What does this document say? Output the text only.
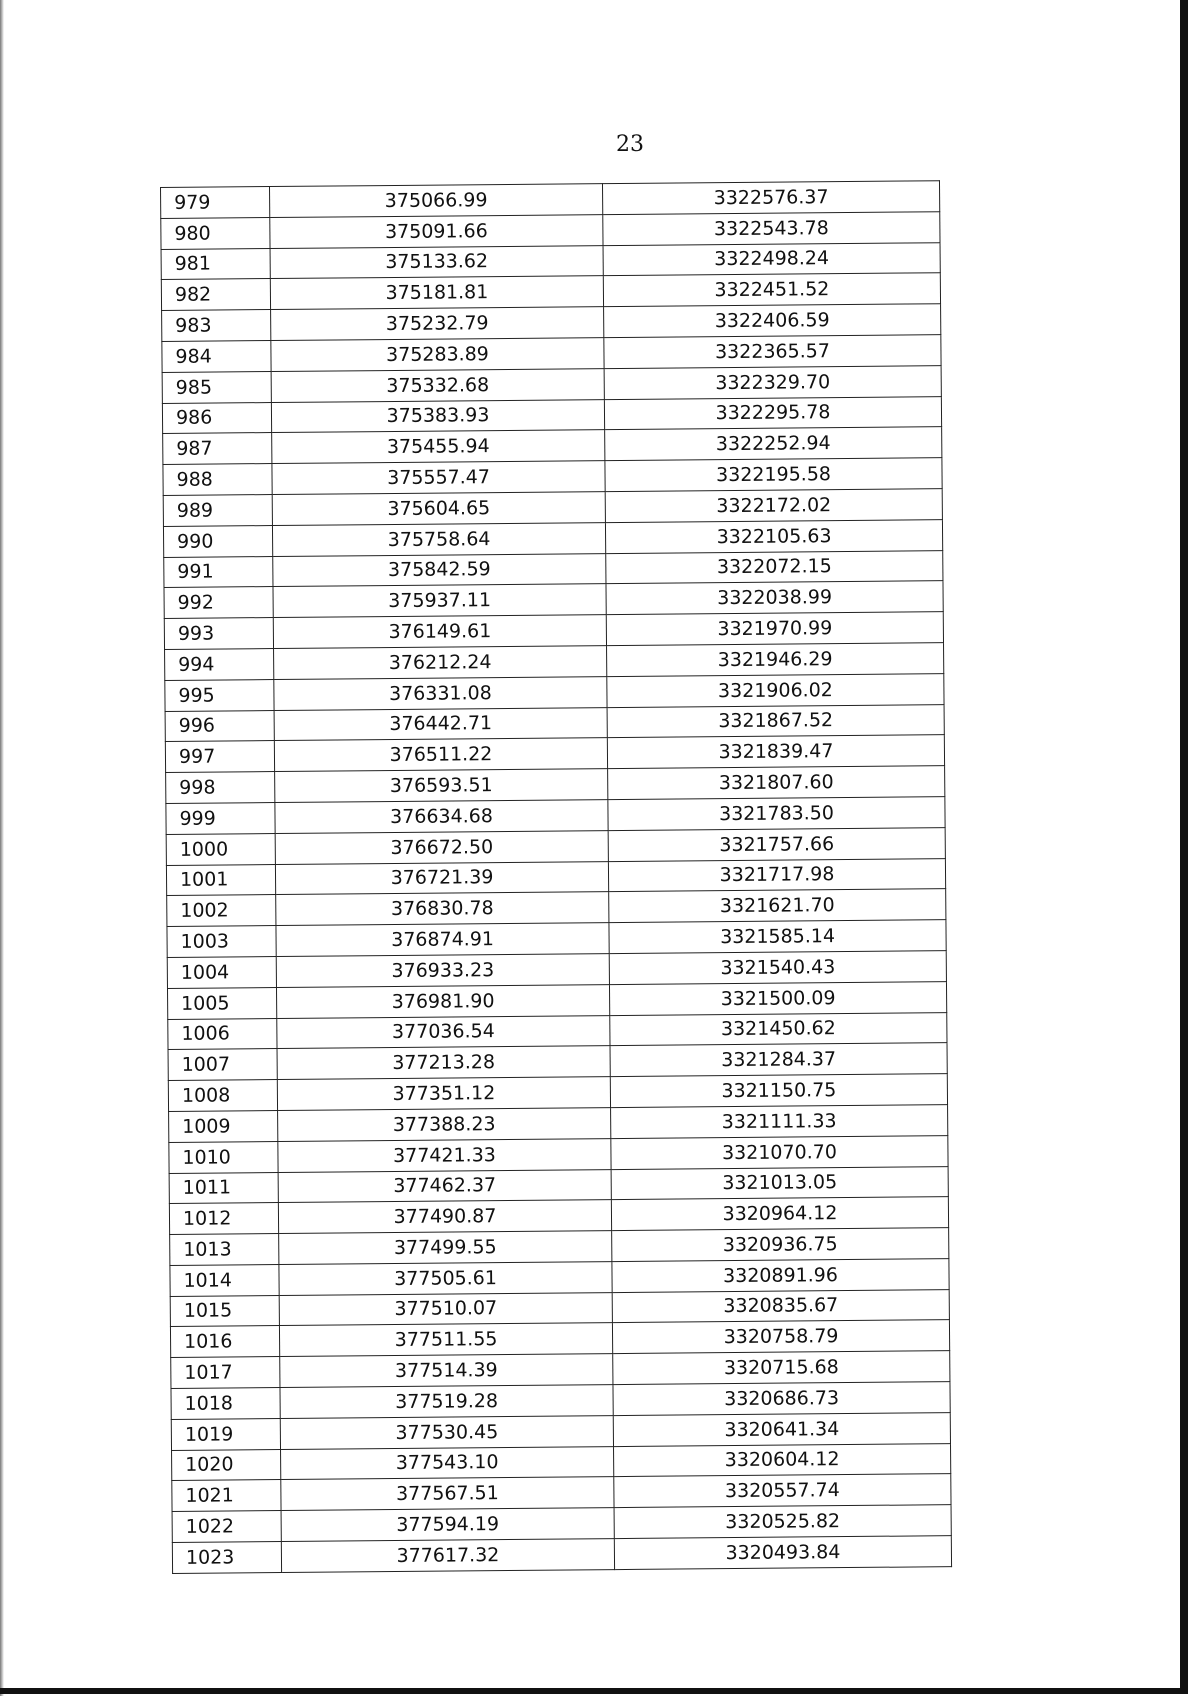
23
979	375066.99	3322576.37
980	375091.66	3322543.78
981	375133.62	3322498.24
982	375181.81	3322451.52
983	375232.79	3322406.59
984	375283.89	3322365.57
985	375332.68	3322329.70
986	375383.93	3322295.78
987	375455.94	3322252.94
988	375557.47	3322195.58
989	375604.65	3322172.02
990	375758.64	3322105.63
991	375842.59	3322072.15
992	375937.11	3322038.99
993	376149.61	3321970.99
994	376212.24	3321946.29
995	376331.08	3321906.02
996	376442.71	3321867.52
997	376511.22	3321839.47
998	376593.51	3321807.60
999	376634.68	3321783.50
1000	376672.50	3321757.66
1001	376721.39	3321717.98
1002	376830.78	3321621.70
1003	376874.91	3321585.14
1004	376933.23	3321540.43
1005	376981.90	3321500.09
1006	377036.54	3321450.62
1007	377213.28	3321284.37
1008	377351.12	3321150.75
1009	377388.23	3321111.33
1010	377421.33	3321070.70
1011	377462.37	3321013.05
1012	377490.87	3320964.12
1013	377499.55	3320936.75
1014	377505.61	3320891.96
1015	377510.07	3320835.67
1016	377511.55	3320758.79
1017	377514.39	3320715.68
1018	377519.28	3320686.73
1019	377530.45	3320641.34
1020	377543.10	3320604.12
1021	377567.51	3320557.74
1022	377594.19	3320525.82
1023	377617.32	3320493.84
